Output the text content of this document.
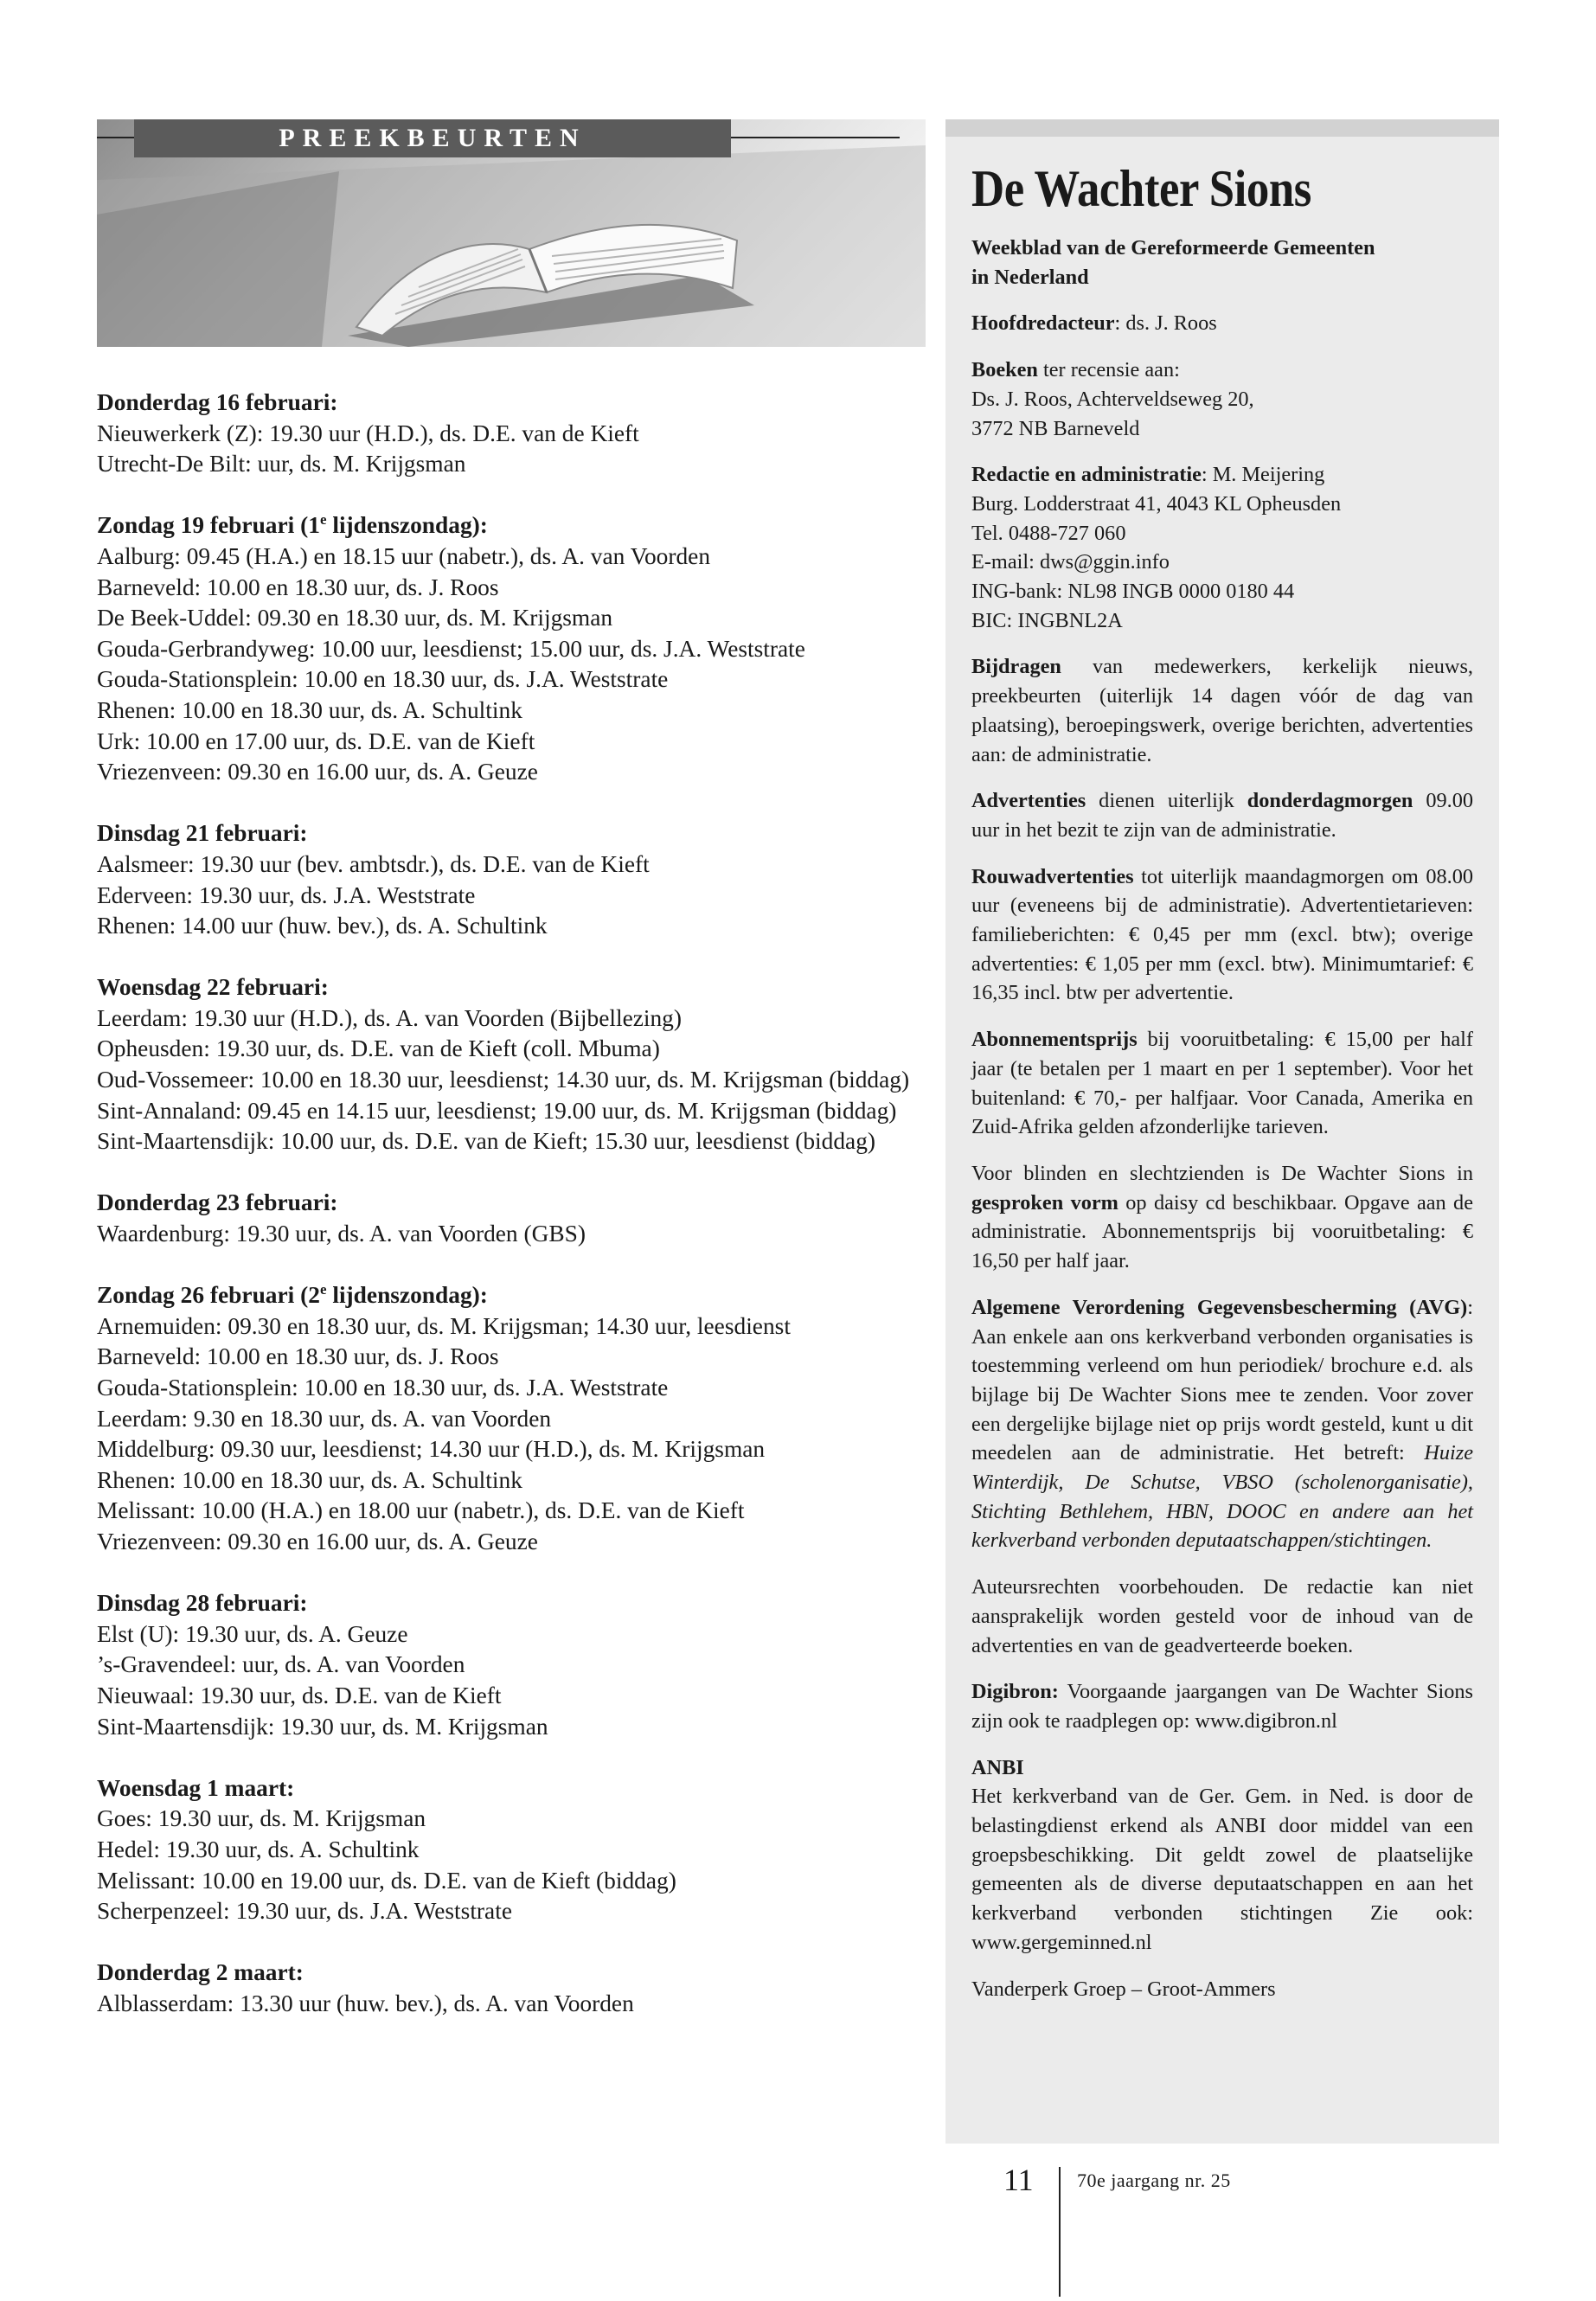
PREEKBEURTEN
Donderdag 16 februari:
Nieuwerkerk (Z): 19.30 uur (H.D.), ds. D.E. van de Kieft
Utrecht-De Bilt: uur, ds. M. Krijgsman
Zondag 19 februari (1e lijdenszondag):
Aalburg: 09.45 (H.A.) en 18.15 uur (nabetr.), ds. A. van Voorden
Barneveld: 10.00 en 18.30 uur, ds. J. Roos
De Beek-Uddel: 09.30 en 18.30 uur, ds. M. Krijgsman
Gouda-Gerbrandyweg: 10.00 uur, leesdienst; 15.00 uur, ds. J.A. Weststrate
Gouda-Stationsplein: 10.00 en 18.30 uur, ds. J.A. Weststrate
Rhenen: 10.00 en 18.30 uur, ds. A. Schultink
Urk: 10.00 en 17.00 uur, ds. D.E. van de Kieft
Vriezenveen: 09.30 en 16.00 uur, ds. A. Geuze
Dinsdag 21 februari:
Aalsmeer: 19.30 uur (bev. ambtsdr.), ds. D.E. van de Kieft
Ederveen: 19.30 uur, ds. J.A. Weststrate
Rhenen: 14.00 uur (huw. bev.), ds. A. Schultink
Woensdag 22 februari:
Leerdam: 19.30 uur (H.D.), ds. A. van Voorden (Bijbellezing)
Opheusden: 19.30 uur, ds. D.E. van de Kieft (coll. Mbuma)
Oud-Vossemeer: 10.00 en 18.30 uur, leesdienst; 14.30 uur, ds. M. Krijgsman (biddag)
Sint-Annaland: 09.45 en 14.15 uur, leesdienst; 19.00 uur, ds. M. Krijgsman (biddag)
Sint-Maartensdijk: 10.00 uur, ds. D.E. van de Kieft; 15.30 uur, leesdienst (biddag)
Donderdag 23 februari:
Waardenburg: 19.30 uur, ds. A. van Voorden (GBS)
Zondag 26 februari (2e lijdenszondag):
Arnemuiden: 09.30 en 18.30 uur, ds. M. Krijgsman; 14.30 uur, leesdienst
Barneveld: 10.00 en 18.30 uur, ds. J. Roos
Gouda-Stationsplein: 10.00 en 18.30 uur, ds. J.A. Weststrate
Leerdam: 9.30 en 18.30 uur, ds. A. van Voorden
Middelburg: 09.30 uur, leesdienst; 14.30 uur (H.D.), ds. M. Krijgsman
Rhenen: 10.00 en 18.30 uur, ds. A. Schultink
Melissant: 10.00 (H.A.) en 18.00 uur (nabetr.), ds. D.E. van de Kieft
Vriezenveen: 09.30 en 16.00 uur, ds. A. Geuze
Dinsdag 28 februari:
Elst (U): 19.30 uur, ds. A. Geuze
’s-Gravendeel: uur, ds. A. van Voorden
Nieuwaal: 19.30 uur, ds. D.E. van de Kieft
Sint-Maartensdijk: 19.30 uur, ds. M. Krijgsman
Woensdag 1 maart:
Goes: 19.30 uur, ds. M. Krijgsman
Hedel: 19.30 uur, ds. A. Schultink
Melissant: 10.00 en 19.00 uur, ds. D.E. van de Kieft (biddag)
Scherpenzeel: 19.30 uur, ds. J.A. Weststrate
Donderdag 2 maart:
Alblasserdam: 13.30 uur (huw. bev.), ds. A. van Voorden
De Wachter Sions
Weekblad van de Gereformeerde Gemeenten
in Nederland
Hoofdredacteur: ds. J. Roos
Boeken ter recensie aan:
Ds. J. Roos, Achterveldseweg 20,
3772 NB Barneveld
Redactie en administratie: M. Meijering
Burg. Lodderstraat 41, 4043 KL Opheusden
Tel. 0488-727 060
E-mail: dws@ggin.info
ING-bank: NL98 INGB 0000 0180 44
BIC: INGBNL2A
Bijdragen van medewerkers, kerkelijk nieuws, preekbeurten (uiterlijk 14 dagen vóór de dag van plaatsing), beroepingswerk, overige berichten, advertenties aan: de administratie.
Advertenties dienen uiterlijk donderdagmorgen 09.00 uur in het bezit te zijn van de administratie.
Rouwadvertenties tot uiterlijk maandagmorgen om 08.00 uur (eveneens bij de administratie). Advertentietarieven: familieberichten: € 0,45 per mm (excl. btw); overige advertenties: € 1,05 per mm (excl. btw). Minimumtarief: € 16,35 incl. btw per advertentie.
Abonnementsprijs bij vooruitbetaling: € 15,00 per half jaar (te betalen per 1 maart en per 1 september). Voor het buitenland: € 70,- per halfjaar. Voor Canada, Amerika en Zuid-Afrika gelden afzonderlijke tarieven.
Voor blinden en slechtzienden is De Wachter Sions in gesproken vorm op daisy cd beschikbaar. Opgave aan de administratie. Abonnementsprijs bij vooruitbetaling: € 16,50 per half jaar.
Algemene Verordening Gegevensbescherming (AVG): Aan enkele aan ons kerkverband verbonden organisaties is toestemming verleend om hun periodiek/ brochure e.d. als bijlage bij De Wachter Sions mee te zenden. Voor zover een dergelijke bijlage niet op prijs wordt gesteld, kunt u dit meedelen aan de administratie. Het betreft: Huize Winterdijk, De Schutse, VBSO (scholenorganisatie), Stichting Bethlehem, HBN, DOOC en andere aan het kerkverband verbonden deputaatschappen/stichtingen.
Auteursrechten voorbehouden. De redactie kan niet aansprakelijk worden gesteld voor de inhoud van de advertenties en van de geadverteerde boeken.
Digibron: Voorgaande jaargangen van De Wachter Sions zijn ook te raadplegen op: www.digibron.nl
ANBI
Het kerkverband van de Ger. Gem. in Ned. is door de belastingdienst erkend als ANBI door middel van een groepsbeschikking. Dit geldt zowel de plaatselijke gemeenten als de diverse deputaatschappen en aan het kerkverband verbonden stichtingen Zie ook: www.gergeminned.nl
Vanderperk Groep – Groot-Ammers
11 70e jaargang nr. 25
